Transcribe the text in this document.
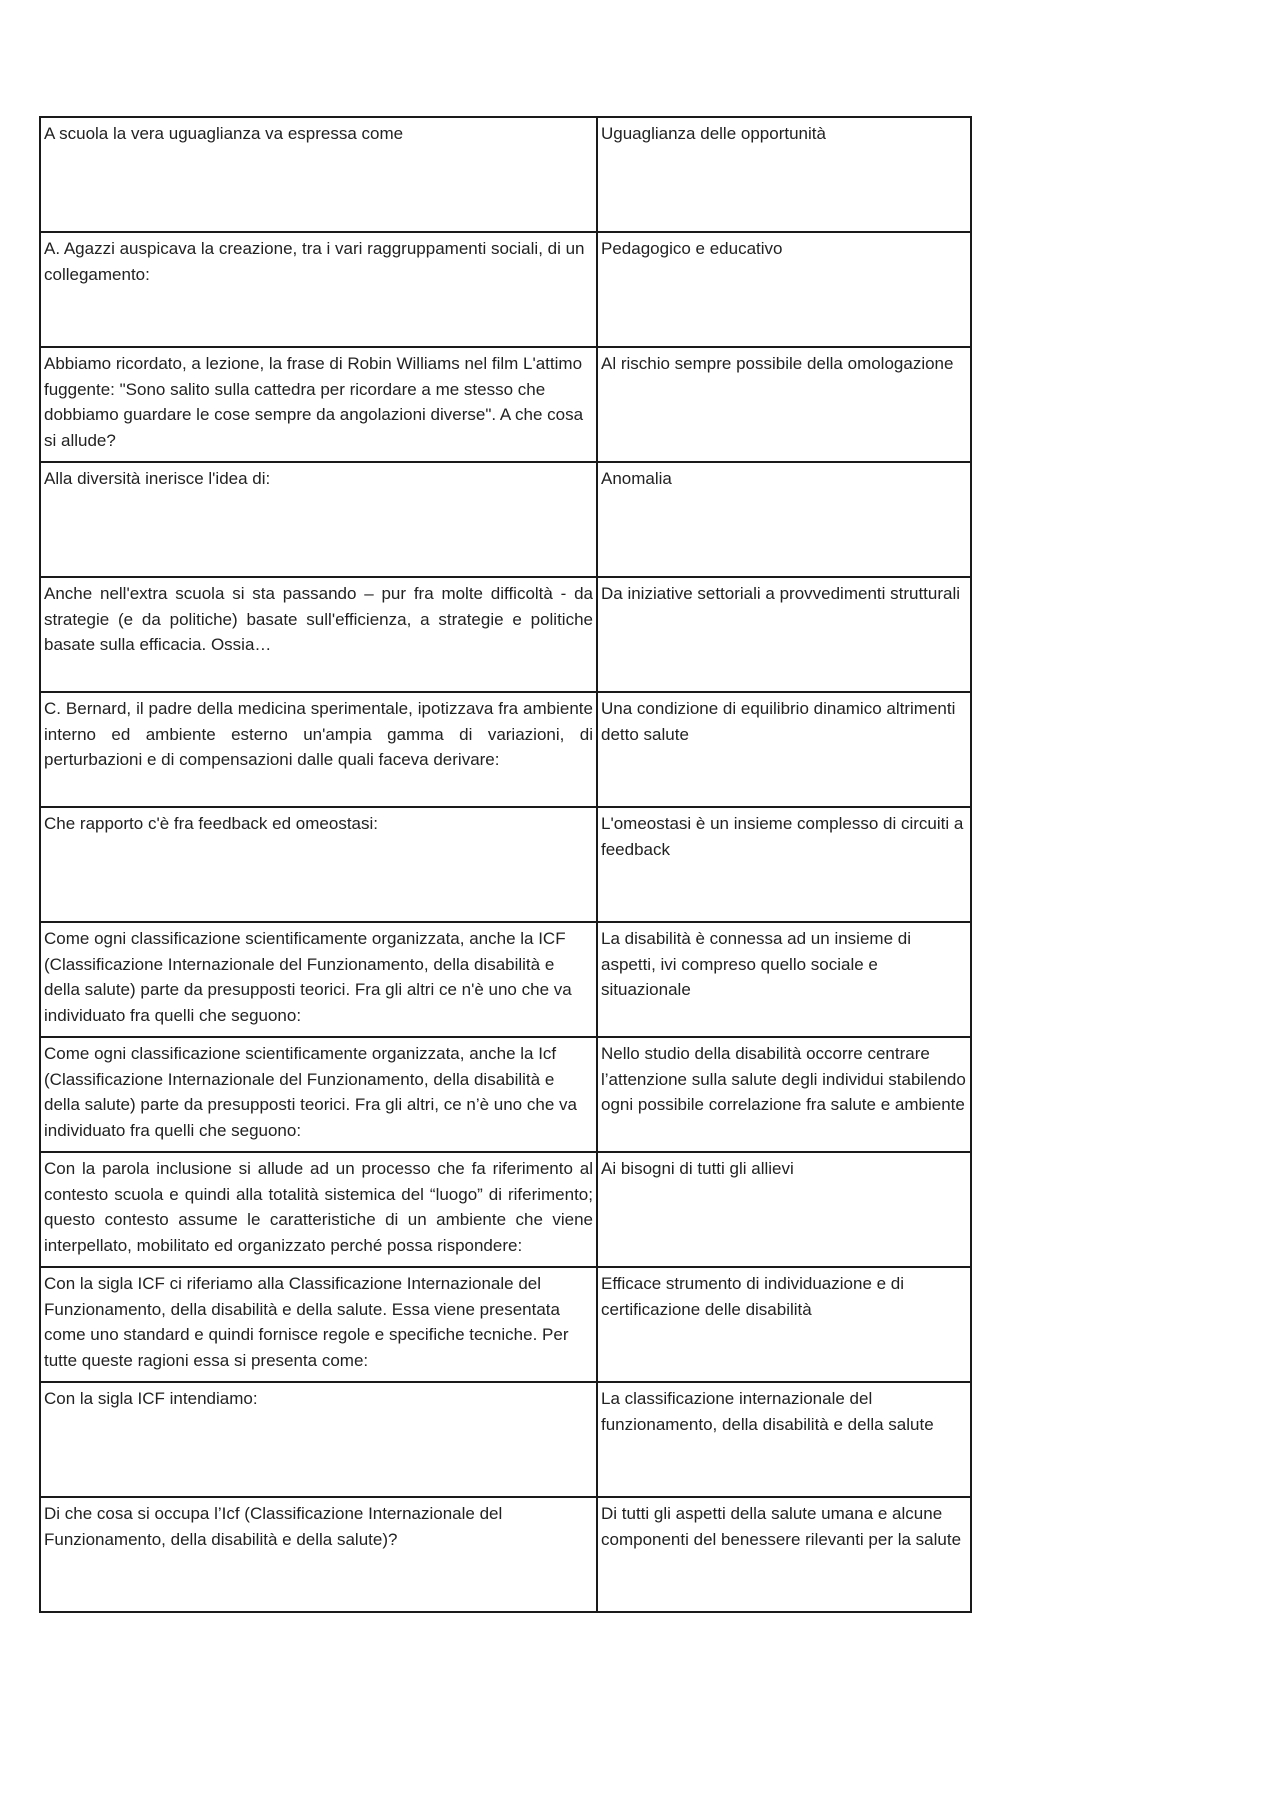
A scuola la vera uguaglianza va espressa come	Uguaglianza delle opportunità

A. Agazzi auspicava la creazione, tra i vari raggruppamenti sociali, di un collegamento:	Pedagogico e educativo

Abbiamo ricordato, a lezione, la frase di Robin Williams nel film L'attimo fuggente: "Sono salito sulla cattedra per ricordare a me stesso che dobbiamo guardare le cose sempre da angolazioni diverse". A che cosa si allude?	Al rischio sempre possibile della omologazione

Alla diversità inerisce l'idea di:	Anomalia

Anche nell'extra scuola si sta passando – pur fra molte difficoltà - da strategie (e da politiche) basate sull'efficienza, a strategie e politiche basate sulla efficacia. Ossia…	Da iniziative settoriali a provvedimenti strutturali

C. Bernard, il padre della medicina sperimentale, ipotizzava fra ambiente interno ed ambiente esterno un'ampia gamma di variazioni, di perturbazioni e di compensazioni dalle quali faceva derivare:	Una condizione di equilibrio dinamico altrimenti detto salute

Che rapporto c'è fra feedback ed omeostasi:	L'omeostasi è un insieme complesso di circuiti a feedback

Come ogni classificazione scientificamente organizzata, anche la ICF (Classificazione Internazionale del Funzionamento, della disabilità e della salute) parte da presupposti teorici. Fra gli altri ce n'è uno che va individuato fra quelli che seguono:	La disabilità è connessa ad un insieme di aspetti, ivi compreso quello sociale e situazionale

Come ogni classificazione scientificamente organizzata, anche la Icf (Classificazione Internazionale del Funzionamento, della disabilità e della salute) parte da presupposti teorici. Fra gli altri, ce n’è uno che va individuato fra quelli che seguono:	Nello studio della disabilità occorre centrare l’attenzione sulla salute degli individui stabilendo ogni possibile correlazione fra salute e ambiente

Con la parola inclusione si allude ad un processo che fa riferimento al contesto scuola e quindi alla totalità sistemica del “luogo” di riferimento; questo contesto assume le caratteristiche di un ambiente che viene interpellato, mobilitato ed organizzato perché possa rispondere:	Ai bisogni di tutti gli allievi

Con la sigla ICF ci riferiamo alla Classificazione Internazionale del Funzionamento, della disabilità e della salute. Essa viene presentata come uno standard e quindi fornisce regole e specifiche tecniche. Per tutte queste ragioni essa si presenta come:	Efficace strumento di individuazione e di certificazione delle disabilità

Con la sigla ICF intendiamo:	La classificazione internazionale del funzionamento, della disabilità e della salute

Di che cosa si occupa l’Icf (Classificazione Internazionale del Funzionamento, della disabilità e della salute)?	Di tutti gli aspetti della salute umana e alcune componenti del benessere rilevanti per la salute
